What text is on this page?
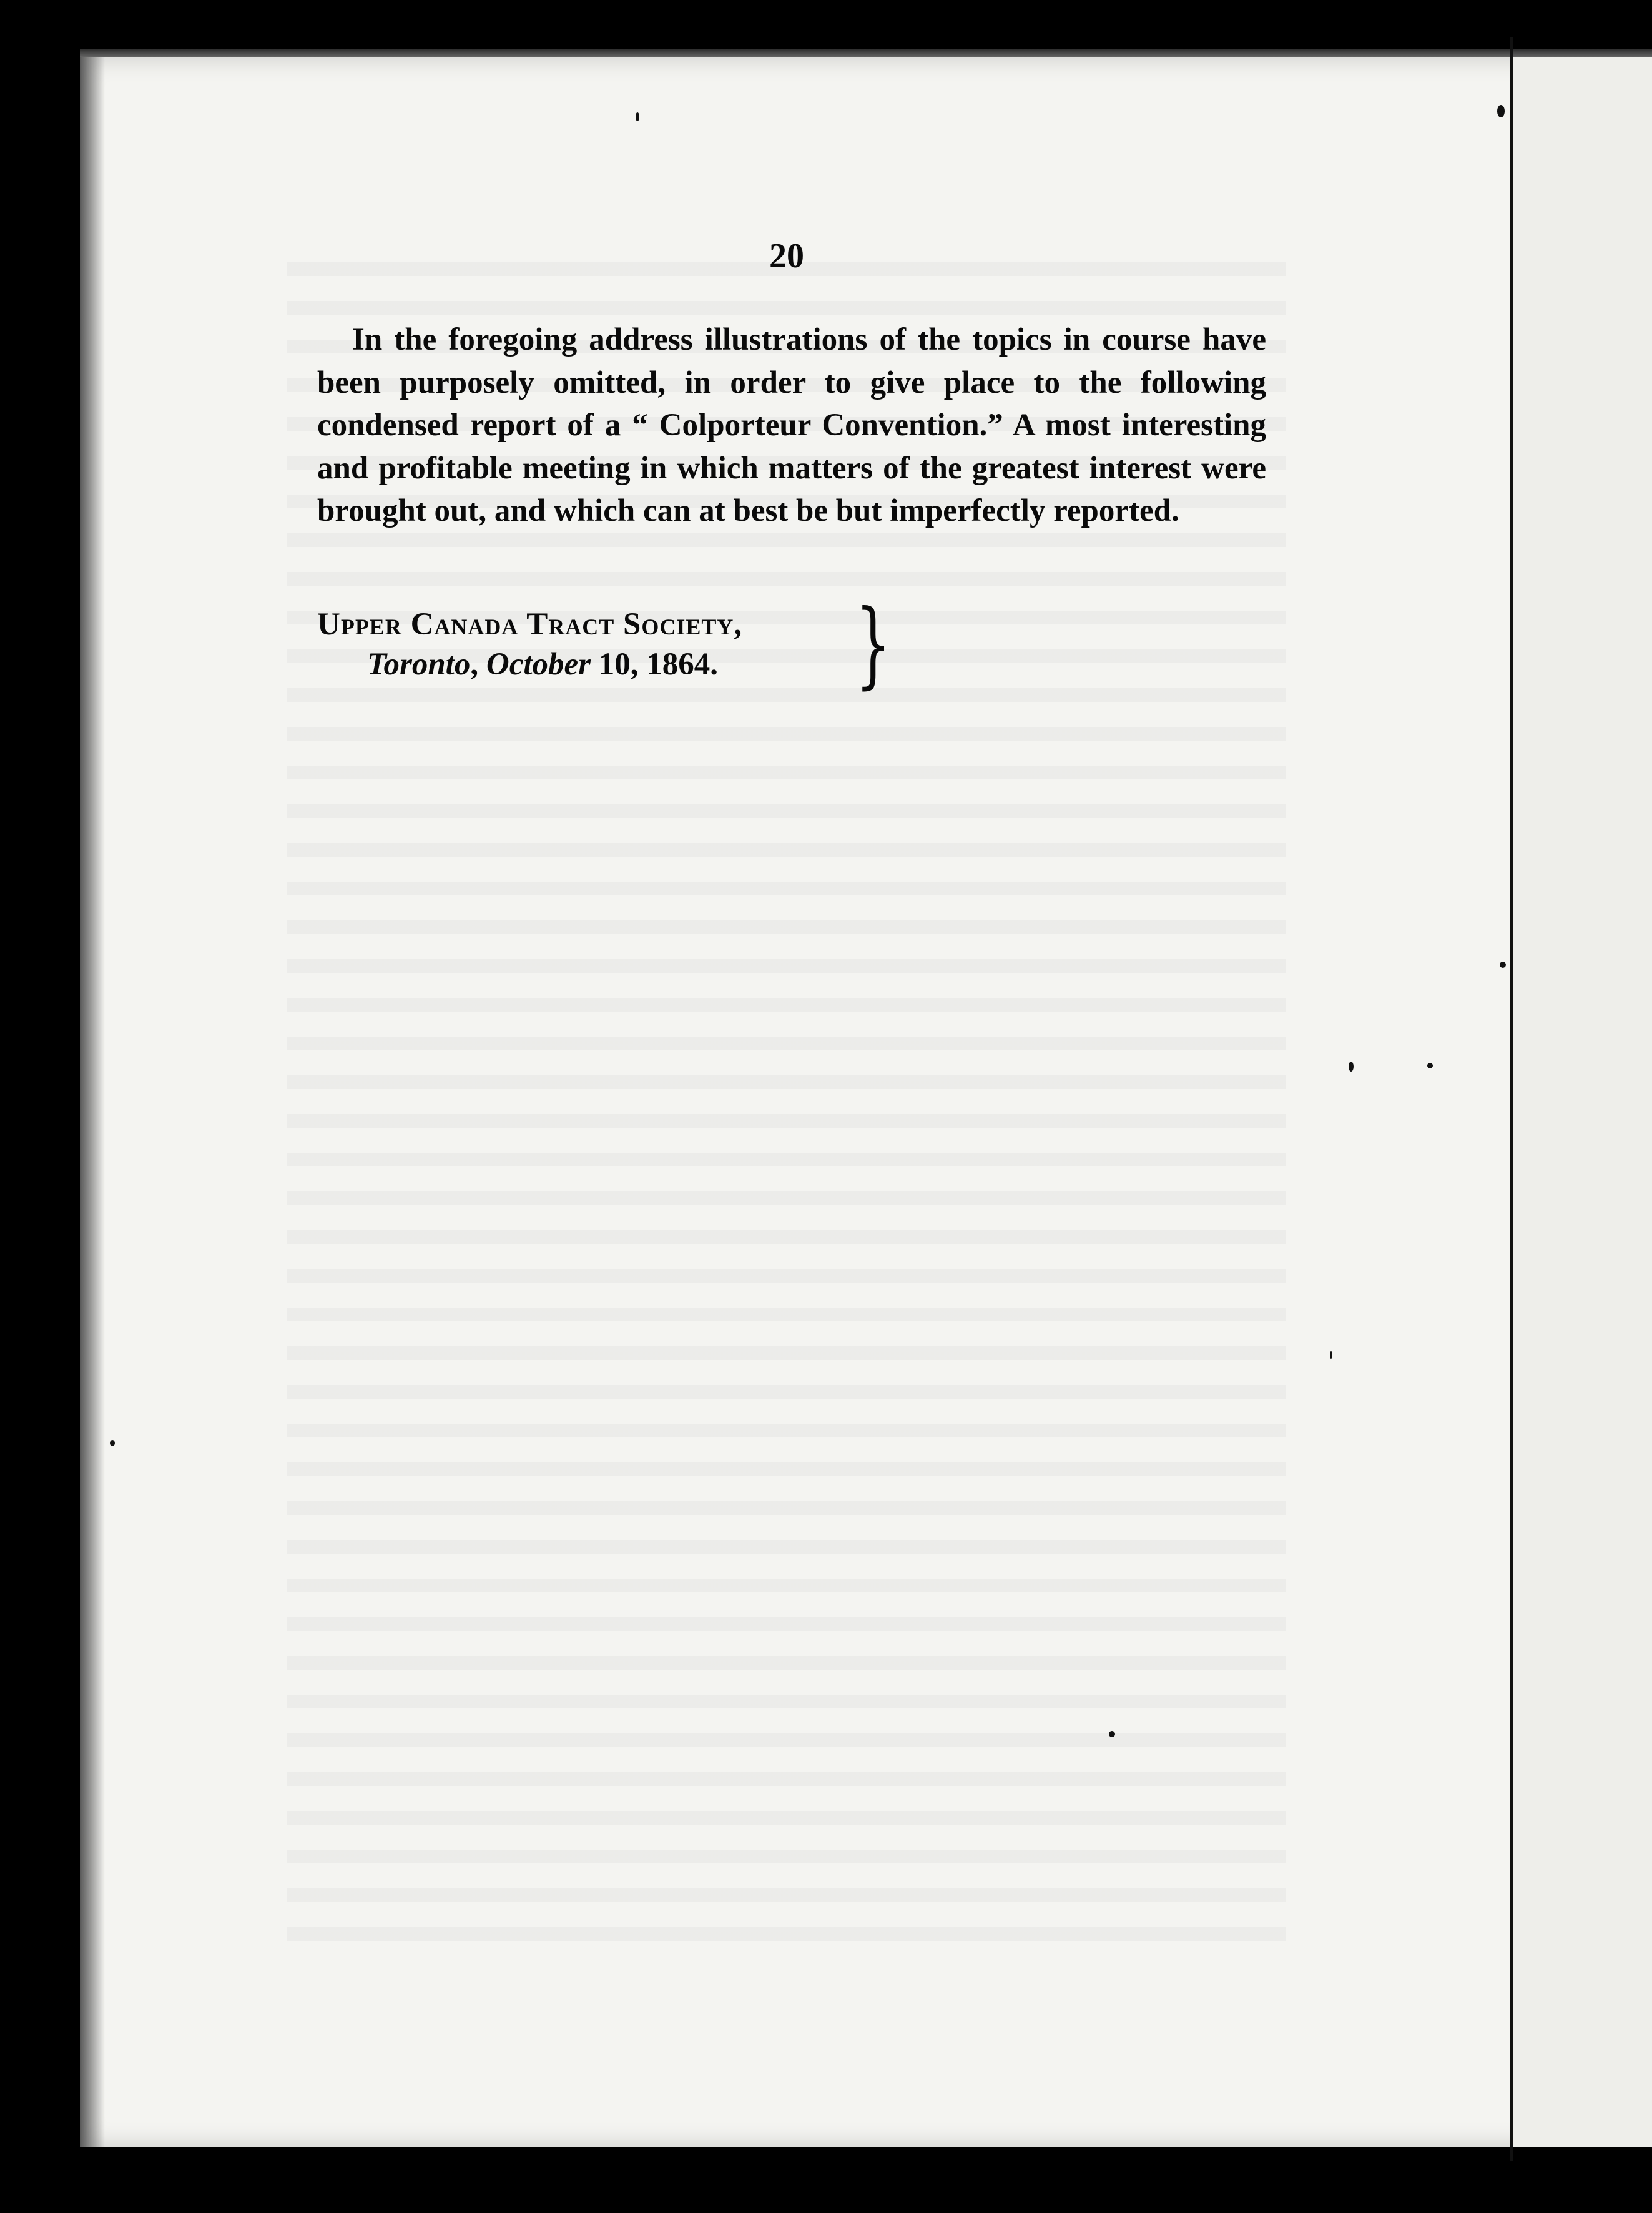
20

In the foregoing address illustrations of the topics in course have been purposely omitted, in order to give place to the following condensed report of a “ Colporteur Convention.” A most interesting and profitable meeting in which matters of the greatest interest were brought out, and which can at best be but imperfectly reported.

Upper Canada Tract Society,
Toronto, October 10, 1864.	}
